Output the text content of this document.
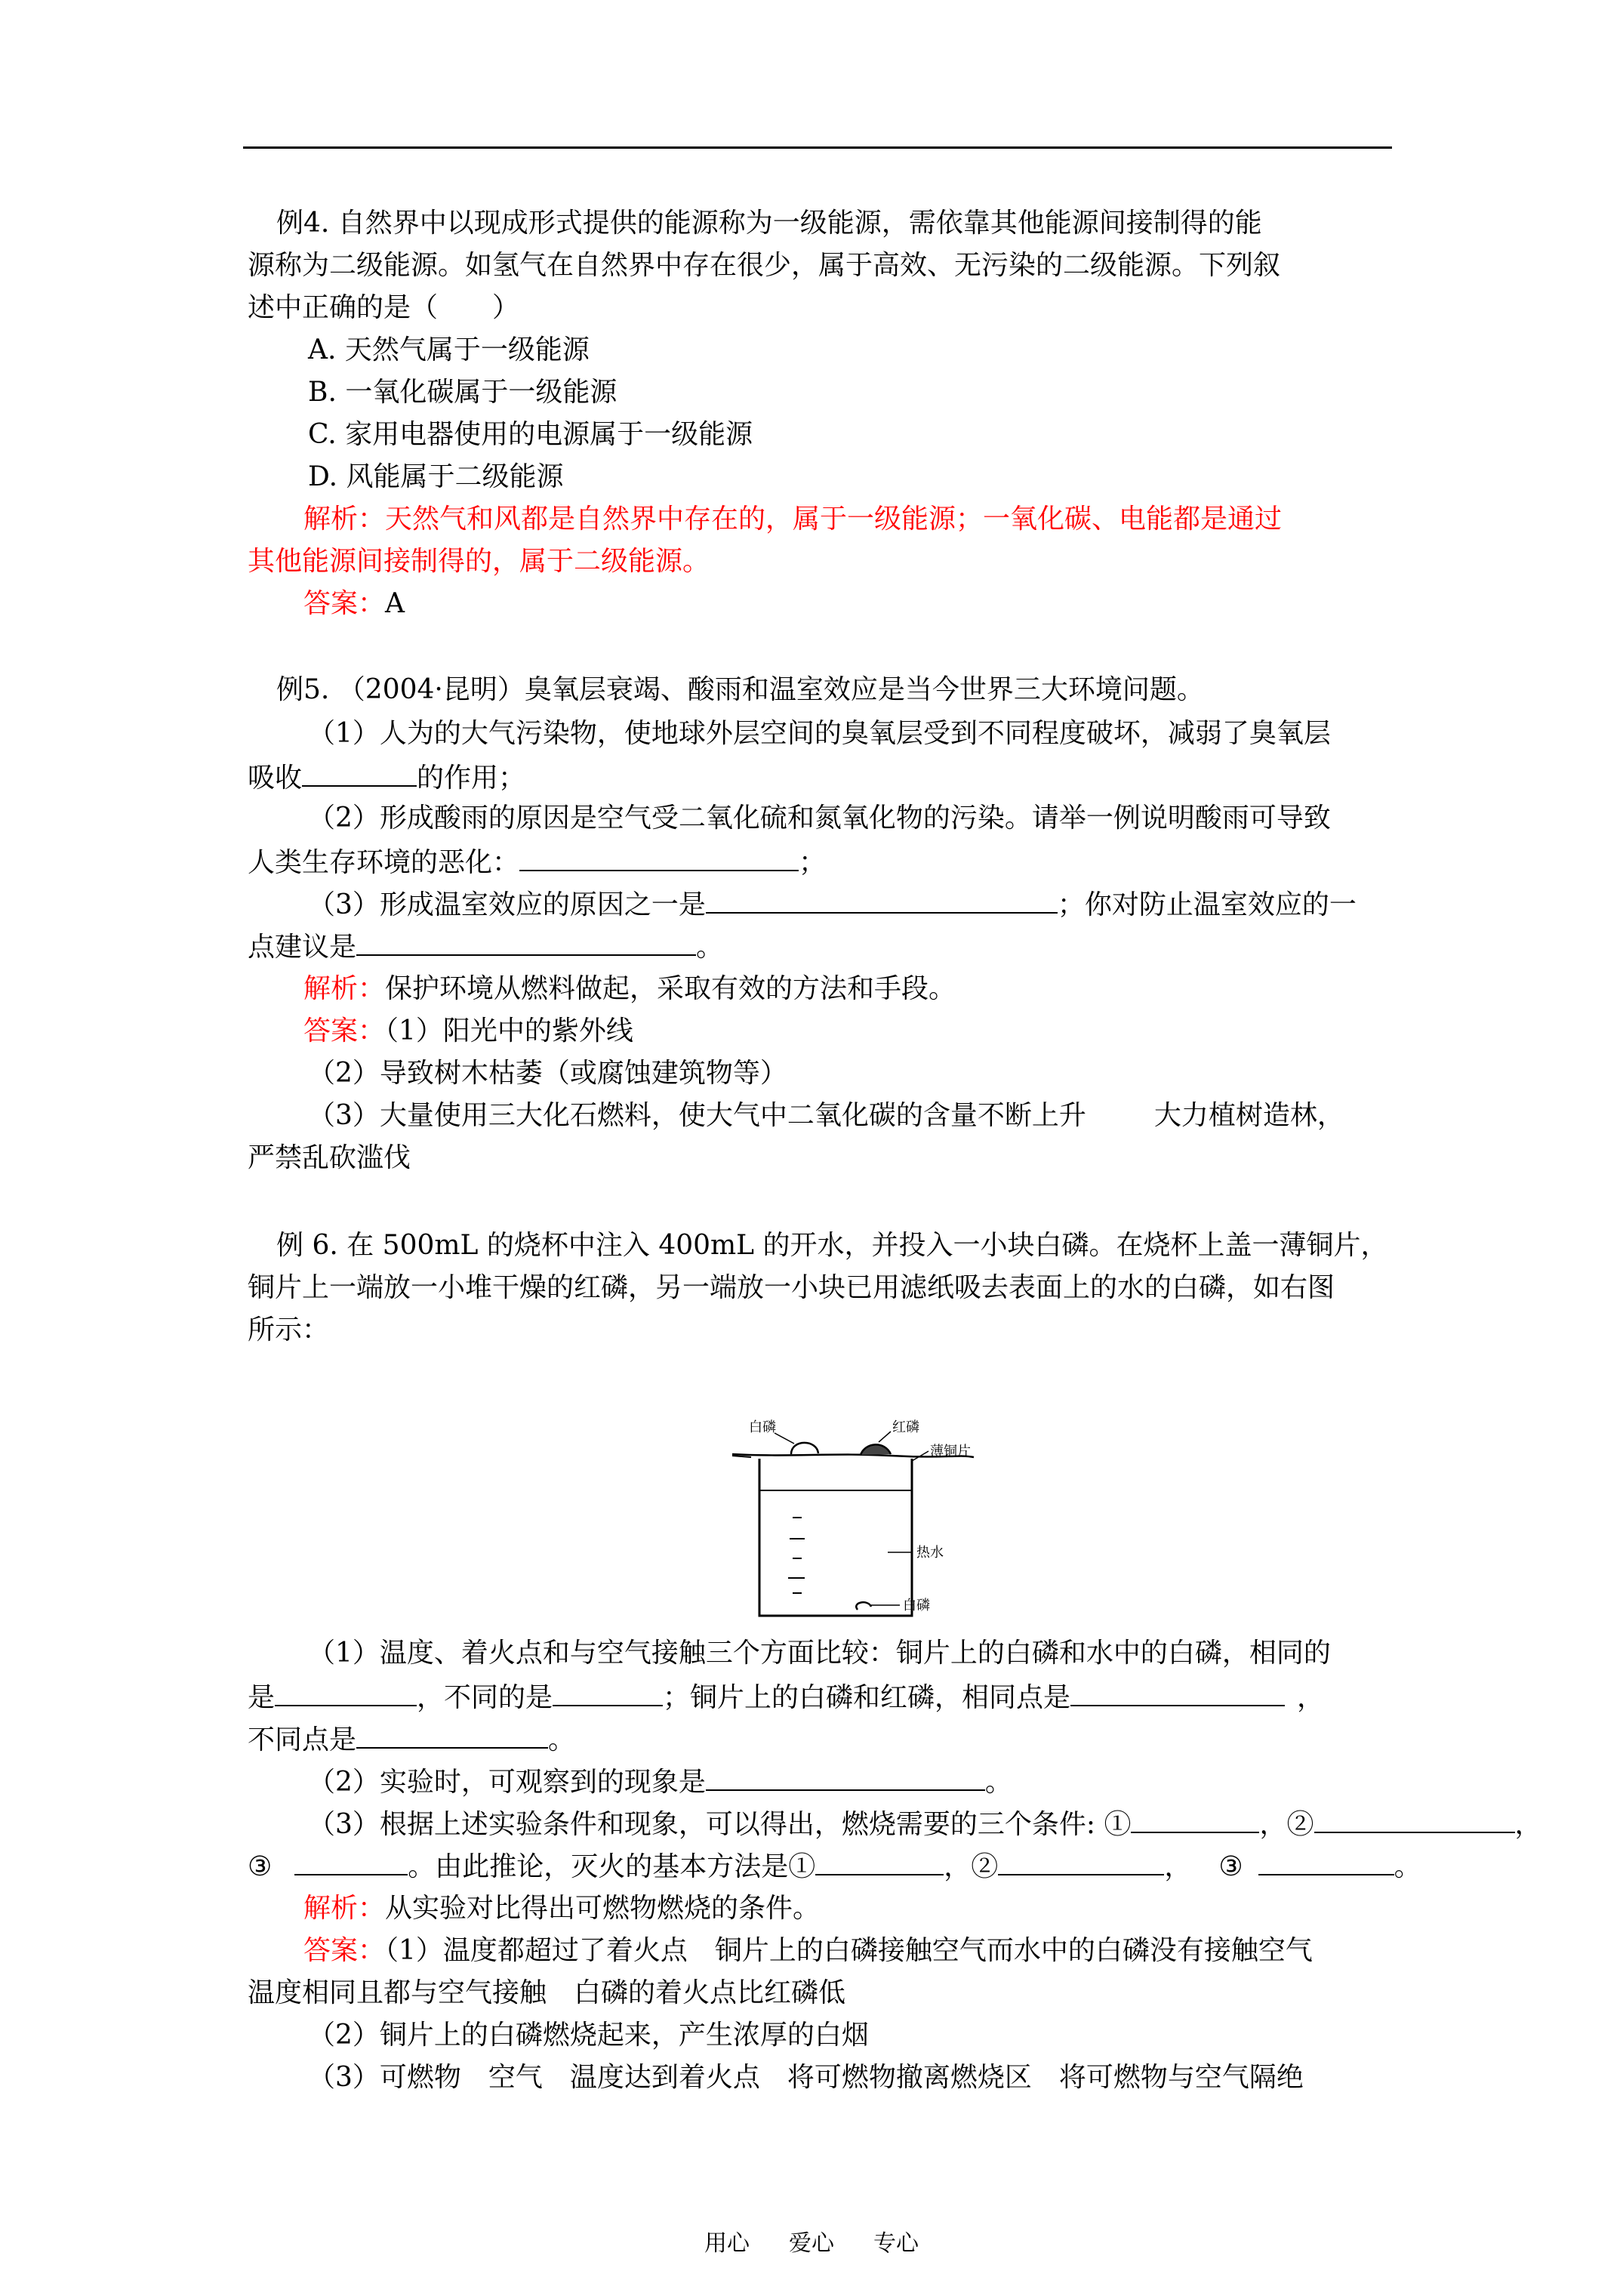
例4. 自然界中以现成形式提供的能源称为一级能源，需依靠其他能源间接制得的能
源称为二级能源。如氢气在自然界中存在很少，属于高效、无污染的二级能源。下列叙
述中正确的是（　　）
A. 天然气属于一级能源
B. 一氧化碳属于一级能源
C. 家用电器使用的电源属于一级能源
D. 风能属于二级能源
解析：天然气和风都是自然界中存在的，属于一级能源；一氧化碳、电能都是通过
其他能源间接制得的，属于二级能源。
答案：A
例5. （2004·昆明）臭氧层衰竭、酸雨和温室效应是当今世界三大环境问题。
（1）人为的大气污染物，使地球外层空间的臭氧层受到不同程度破坏，减弱了臭氧层
吸收	的作用；
（2）形成酸雨的原因是空气受二氧化硫和氮氧化物的污染。请举一例说明酸雨可导致
人类生存环境的恶化：	；
（3）形成温室效应的原因之一是	；你对防止温室效应的一
点建议是	。
解析：保护环境从燃料做起，采取有效的方法和手段。
答案：（1）阳光中的紫外线
（2）导致树木枯萎（或腐蚀建筑物等）
（3）大量使用三大化石燃料，使大气中二氧化碳的含量不断上升	大力植树造林，
严禁乱砍滥伐
例 6. 在 500mL 的烧杯中注入 400mL 的开水，并投入一小块白磷。在烧杯上盖一薄铜片，
铜片上一端放一小堆干燥的红磷，另一端放一小块已用滤纸吸去表面上的水的白磷，如右图
所示：
白磷	红磷
薄铜片
热水
白磷
（1）温度、着火点和与空气接触三个方面比较：铜片上的白磷和水中的白磷，相同的
是	，不同的是	；铜片上的白磷和红磷，相同点是	，
不同点是	。
（2）实验时，可观察到的现象是	。
（3）根据上述实验条件和现象，可以得出，燃烧需要的三个条件: ①	，②	，
③	。由此推论，灭火的基本方法是①	，②	， ③	。
解析：从实验对比得出可燃物燃烧的条件。
答案：（1）温度都超过了着火点　铜片上的白磷接触空气而水中的白磷没有接触空气
温度相同且都与空气接触　白磷的着火点比红磷低
（2）铜片上的白磷燃烧起来，产生浓厚的白烟
（3）可燃物　空气　温度达到着火点　将可燃物撤离燃烧区　将可燃物与空气隔绝
用心 爱心 专心
